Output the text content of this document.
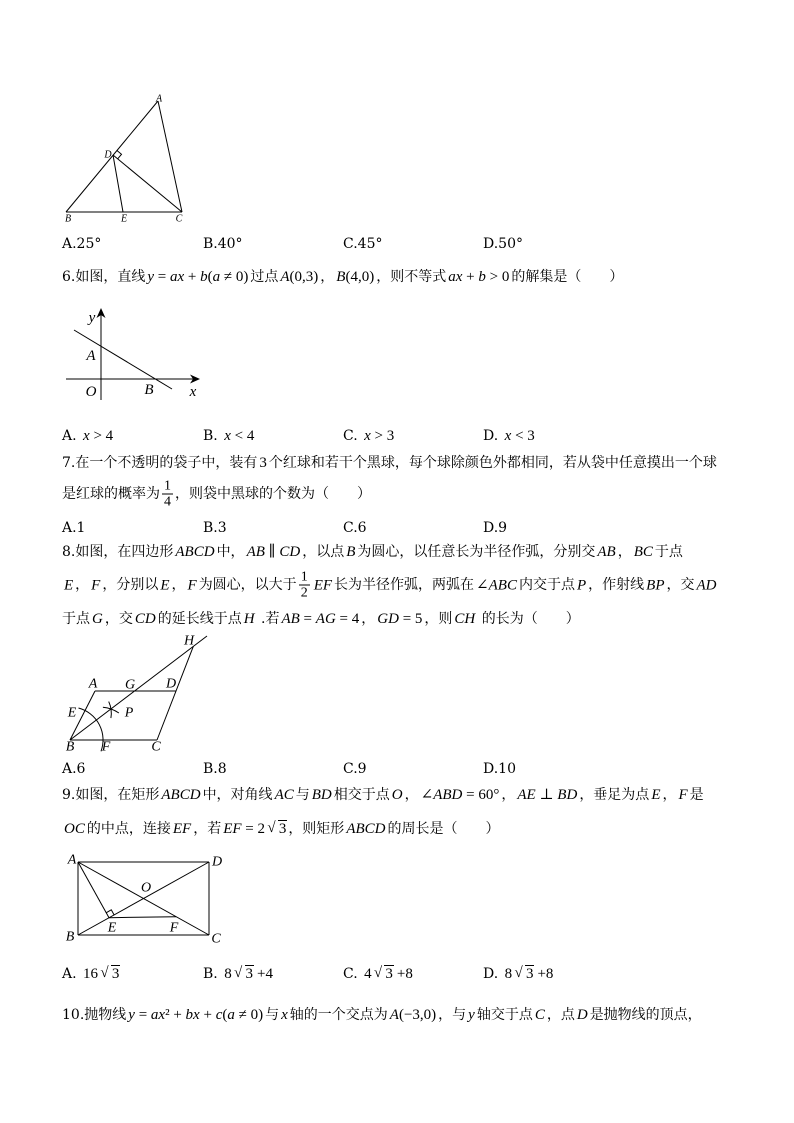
A
D
B	E	C
y
A
O	B x
A G D
E	P
B F	C
H
A	D
O
B
E	F
C
A.25°	B.40°	C.45°	D.50°
6.如图，直线 y = ax + b(a ≠ 0) 过点 A(0,3) ， B(4,0) ，则不等式 ax + b > 0 的解集是（　　）
A. x > 4	B. x < 4	C. x > 3	D. x < 3
7.在一个不透明的袋子中，装有 3 个红球和若干个黑球，每个球除颜色外都相同，若从袋中任意摸出一个球
是红球的概率为 $\frac{1}{4}$ ，则袋中黑球的个数为（　　）
A.1	B.3	C.6	D.9
8.如图，在四边形 ABCD 中， AB ∥ CD ，以点 B 为圆心，以任意长为半径作弧，分别交 AB ， BC 于点
E ， F ，分别以 E ， F 为圆心，以大于 $\frac{1}{2}$ EF 长为半径作弧，两弧在 ∠ABC 内交于点 P ，作射线 BP ，交 AD
于点 G ，交 CD 的延长线于点 H .若 AB = AG = 4 ， GD = 5 ，则 CH 的长为（　　）
A.6	B.8	C.9	D.10
9.如图，在矩形 ABCD 中，对角线 AC 与 BD 相交于点 O ， ∠ABD = 60° ， AE ⊥ BD ，垂足为点 E ， F 是
OC 的中点，连接 EF ，若 EF = 2 √ 3 ，则矩形 ABCD 的周长是（　　）
A. 16 √ 3	B. 8 √ 3 +4	C. 4 √ 3 +8	D. 8 √ 3 +8
10.抛物线 y = ax² + bx + c(a ≠ 0) 与 x 轴的一个交点为 A(−3,0) ，与 y 轴交于点 C ，点 D 是抛物线的顶点，
